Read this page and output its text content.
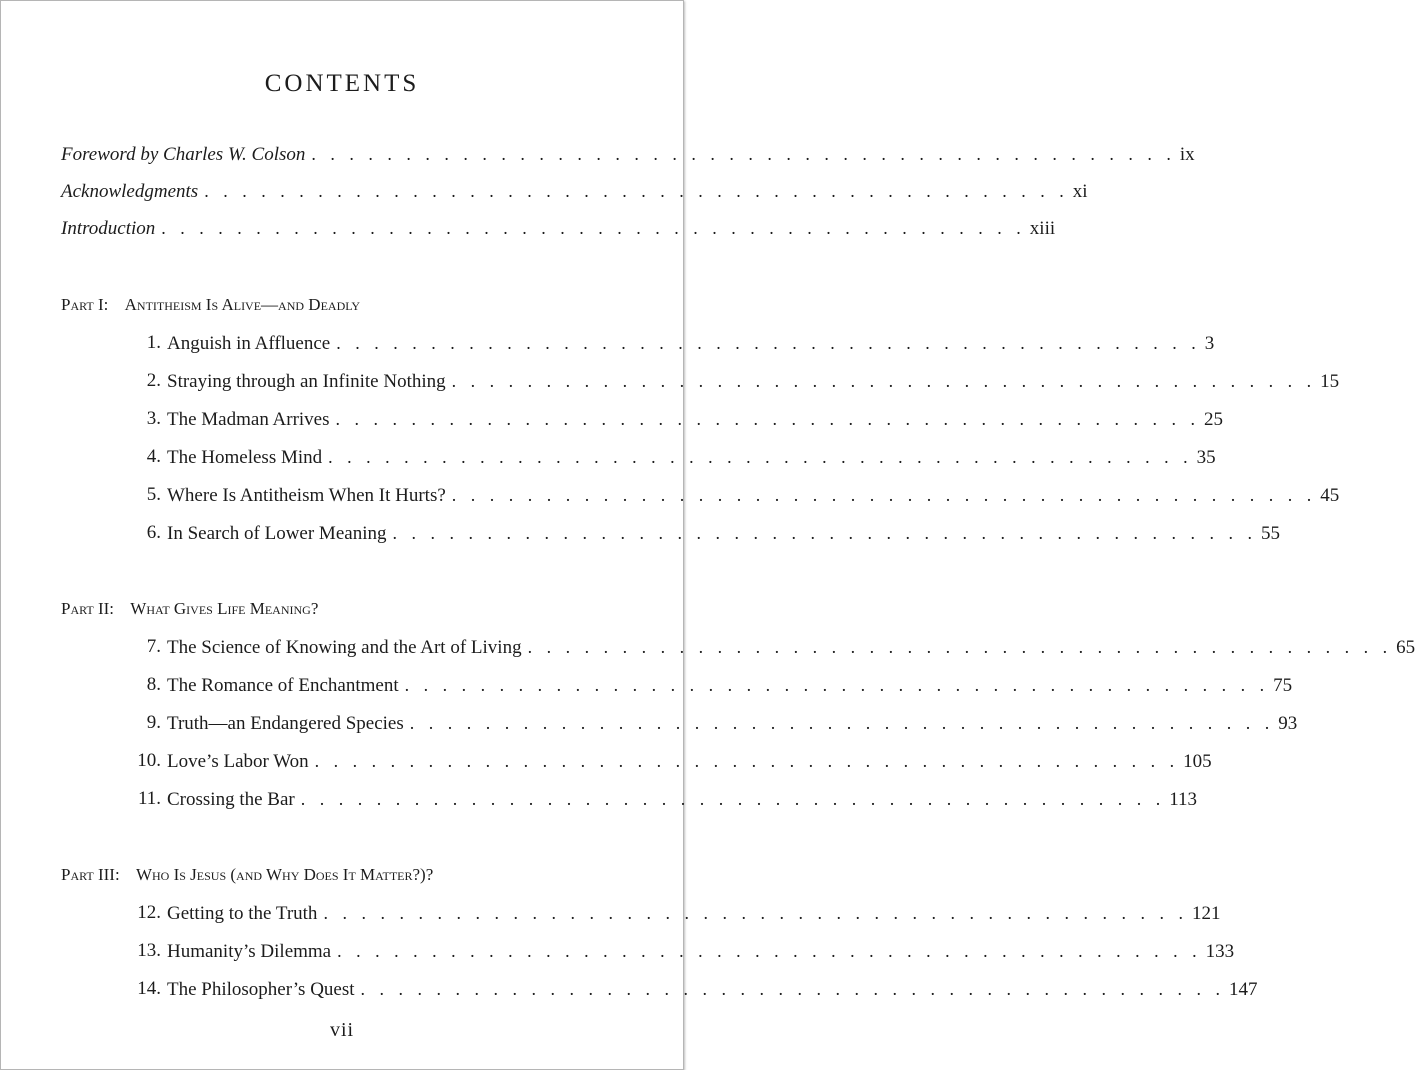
CONTENTS
Foreword by Charles W. Colson . . . . . . . . . . . . . . . . . . . . . . . . . . . . . . . . . . . . . . . . . . . . . . ix
Acknowledgments . . . . . . . . . . . . . . . . . . . . . . . . . . . . . . . . . . . . . . . . . . . . . . xi
Introduction . . . . . . . . . . . . . . . . . . . . . . . . . . . . . . . . . . . . . . . . . . . . . . xiii
Part I: Antitheism Is Alive—and Deadly
1. Anguish in Affluence . . . . . . . . . . . . . . . . . . . . . . . . . . . . . . . . . . . . . . . . . . . . . . 3
2. Straying through an Infinite Nothing . . . . . . . . . . . . . . . . . . . . . . . . . . . . . . . . . . . . . . . . . . . . . . 15
3. The Madman Arrives . . . . . . . . . . . . . . . . . . . . . . . . . . . . . . . . . . . . . . . . . . . . . . 25
4. The Homeless Mind . . . . . . . . . . . . . . . . . . . . . . . . . . . . . . . . . . . . . . . . . . . . . . 35
5. Where Is Antitheism When It Hurts? . . . . . . . . . . . . . . . . . . . . . . . . . . . . . . . . . . . . . . . . . . . . . . 45
6. In Search of Lower Meaning . . . . . . . . . . . . . . . . . . . . . . . . . . . . . . . . . . . . . . . . . . . . . . 55
Part II: What Gives Life Meaning?
7. The Science of Knowing and the Art of Living . . . . . . . . . . . . . . . . . . . . . . . . . . . . . . . . . . . . . . . . . . . . . . 65
8. The Romance of Enchantment . . . . . . . . . . . . . . . . . . . . . . . . . . . . . . . . . . . . . . . . . . . . . . 75
9. Truth—an Endangered Species . . . . . . . . . . . . . . . . . . . . . . . . . . . . . . . . . . . . . . . . . . . . . . 93
10. Love’s Labor Won . . . . . . . . . . . . . . . . . . . . . . . . . . . . . . . . . . . . . . . . . . . . . . 105
11. Crossing the Bar . . . . . . . . . . . . . . . . . . . . . . . . . . . . . . . . . . . . . . . . . . . . . . 113
Part III: Who Is Jesus (and Why Does It Matter?)?
12. Getting to the Truth . . . . . . . . . . . . . . . . . . . . . . . . . . . . . . . . . . . . . . . . . . . . . . 121
13. Humanity’s Dilemma . . . . . . . . . . . . . . . . . . . . . . . . . . . . . . . . . . . . . . . . . . . . . . 133
14. The Philosopher’s Quest . . . . . . . . . . . . . . . . . . . . . . . . . . . . . . . . . . . . . . . . . . . . . . 147
vii
